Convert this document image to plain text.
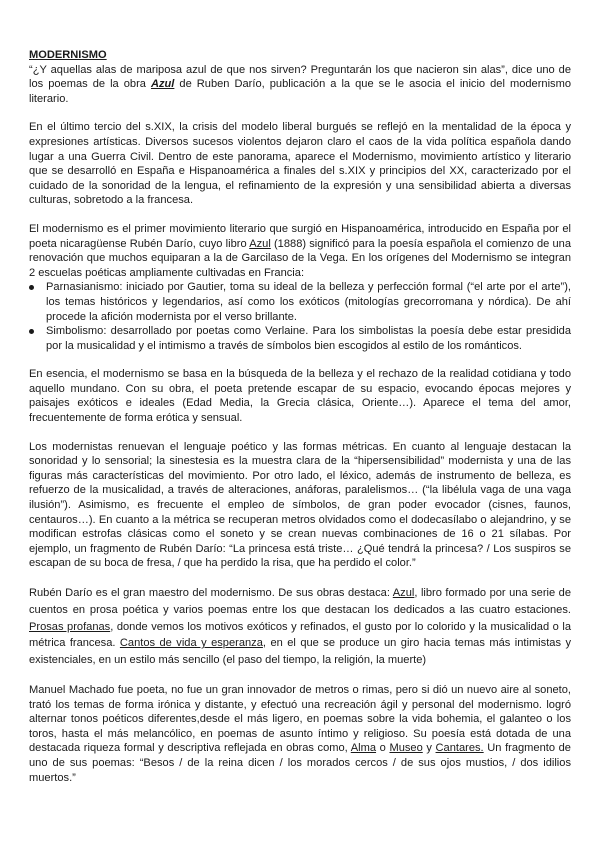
MODERNISMO

“¿Y aquellas alas de mariposa azul de que nos sirven? Preguntarán los que nacieron sin alas”, dice uno de los poemas de la obra Azul de Ruben Darío, publicación a la que se le asocia el inicio del modernismo literario.

En el último tercio del s.XIX, la crisis del modelo liberal burgués se reflejó en la mentalidad de la época y expresiones artísticas. Diversos sucesos violentos dejaron claro el caos de la vida política española dando lugar a una Guerra Civil. Dentro de este panorama, aparece el Modernismo, movimiento artístico y literario que se desarrolló en España e Hispanoamérica a finales del s.XIX y principios del XX, caracterizado por el cuidado de la sonoridad de la lengua, el refinamiento de la expresión y una sensibilidad abierta a diversas culturas, sobretodo a la francesa.

El modernismo es el primer movimiento literario que surgió en Hispanoamérica, introducido en España por el poeta nicaragüense Rubén Darío, cuyo libro Azul (1888) significó para la poesía española el comienzo de una renovación que muchos equiparan a la de Garcilaso de la Vega. En los orígenes del Modernismo se integran 2 escuelas poéticas ampliamente cultivadas en Francia:

Parnasianismo: iniciado por Gautier, toma su ideal de la belleza y perfección formal (“el arte por el arte”), los temas históricos y legendarios, así como los exóticos (mitologías grecorromana y nórdica). De ahí procede la afición modernista por el verso brillante.
Simbolismo: desarrollado por poetas como Verlaine. Para los simbolistas la poesía debe estar presidida por la musicalidad y el intimismo a través de símbolos bien escogidos al estilo de los románticos.

En esencia, el modernismo se basa en la búsqueda de la belleza y el rechazo de la realidad cotidiana y todo aquello mundano. Con su obra, el poeta pretende escapar de su espacio, evocando épocas mejores y paisajes exóticos e ideales (Edad Media, la Grecia clásica, Oriente…). Aparece el tema del amor, frecuentemente de forma erótica y sensual.

Los modernistas renuevan el lenguaje poético y las formas métricas. En cuanto al lenguaje destacan la sonoridad y lo sensorial; la sinestesia es la muestra clara de la “hipersensibilidad” modernista y una de las figuras más características del movimiento. Por otro lado, el léxico, además de instrumento de belleza, es refuerzo de la musicalidad, a través de alteraciones, anáforas, paralelismos… (“la libélula vaga de una vaga ilusión”). Asimismo, es frecuente el empleo de símbolos, de gran poder evocador (cisnes, faunos, centauros…). En cuanto a la métrica se recuperan metros olvidados como el dodecasílabo o alejandrino, y se modifican estrofas clásicas como el soneto y se crean nuevas combinaciones de 16 o 21 sílabas. Por ejemplo, un fragmento de Rubén Darío: “La princesa está triste… ¿Qué tendrá la princesa? / Los suspiros se escapan de su boca de fresa, / que ha perdido la risa, que ha perdido el color.”

Rubén Darío es el gran maestro del modernismo. De sus obras destaca: Azul, libro formado por una serie de cuentos en prosa poética y varios poemas entre los que destacan los dedicados a las cuatro estaciones. Prosas profanas, donde vemos los motivos exóticos y refinados, el gusto por lo colorido y la musicalidad o la métrica francesa. Cantos de vida y esperanza, en el que se produce un giro hacia temas más intimistas y existenciales, en un estilo más sencillo (el paso del tiempo, la religión, la muerte)

Manuel Machado fue poeta, no fue un gran innovador de metros o rimas, pero si dió un nuevo aire al soneto, trató los temas de forma irónica y distante, y efectuó una recreación ágil y personal del modernismo. logró alternar tonos poéticos diferentes,desde el más ligero, en poemas sobre la vida bohemia, el galanteo o los toros, hasta el más melancólico, en poemas de asunto íntimo y religioso. Su poesía está dotada de una destacada riqueza formal y descriptiva reflejada en obras como, Alma o Museo y Cantares. Un fragmento de uno de sus poemas: “Besos / de la reina dicen / los morados cercos / de sus ojos mustios, / dos idilios muertos.”
